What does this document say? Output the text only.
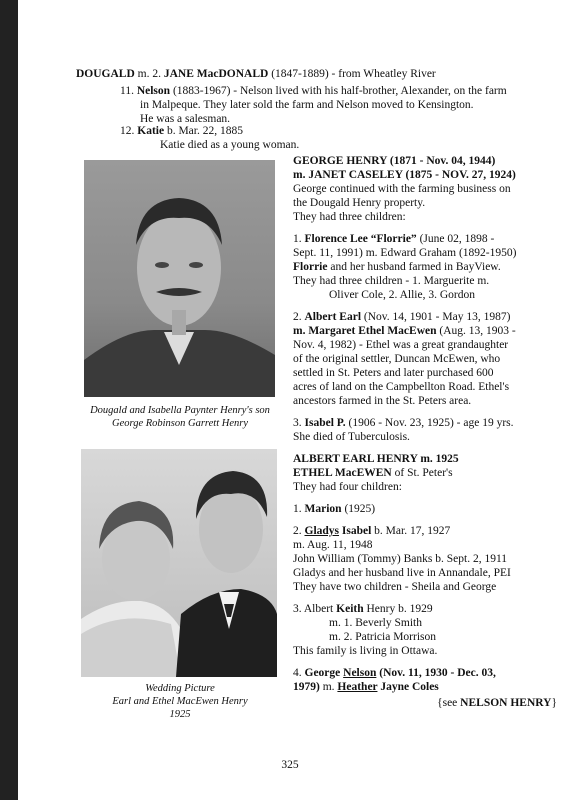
DOUGALD m. 2. JANE MacDONALD (1847-1889) - from Wheatley River
11. Nelson (1883-1967) - Nelson lived with his half-brother, Alexander, on the farm
in Malpeque. They later sold the farm and Nelson moved to Kensington.
He was a salesman.
12. Katie b. Mar. 22, 1885
Katie died as a young woman.
Dougald and Isabella Paynter Henry's son
George Robinson Garrett Henry
Wedding Picture
Earl and Ethel MacEwen Henry
1925

GEORGE HENRY (1871 - Nov. 04, 1944)

m. JANET CASELEY (1875 - NOV. 27, 1924)

George continued with the farming business on

the Dougald Henry property.

They had three children:

1. Florence Lee “Florrie” (June 02, 1898 -

Sept. 11, 1991) m. Edward Graham (1892-1950)

Florrie and her husband farmed in BayView.

They had three children - 1. Marguerite m.

Oliver Cole, 2. Allie, 3. Gordon

2. Albert Earl (Nov. 14, 1901 - May 13, 1987)

m. Margaret Ethel MacEwen (Aug. 13, 1903 -

Nov. 4, 1982) - Ethel was a great grandaughter

of the original settler, Duncan McEwen, who

settled in St. Peters and later purchased 600

acres of land on the Campbellton Road. Ethel's

ancestors farmed in the St. Peters area.

3. Isabel P. (1906 - Nov. 23, 1925) - age 19 yrs.

She died of Tuberculosis.

ALBERT EARL HENRY m. 1925

ETHEL MacEWEN of St. Peter's

They had four children:

1. Marion (1925)

2. Gladys Isabel b. Mar. 17, 1927

m. Aug. 11, 1948

John William (Tommy) Banks b. Sept. 2, 1911

Gladys and her husband live in Annandale, PEI

They have two children - Sheila and George

3. Albert Keith Henry b. 1929

m. 1. Beverly Smith

m. 2. Patricia Morrison

This family is living in Ottawa.

4. George Nelson (Nov. 11, 1930 - Dec. 03,

1979) m. Heather Jayne Coles

{see NELSON HENRY}

325
